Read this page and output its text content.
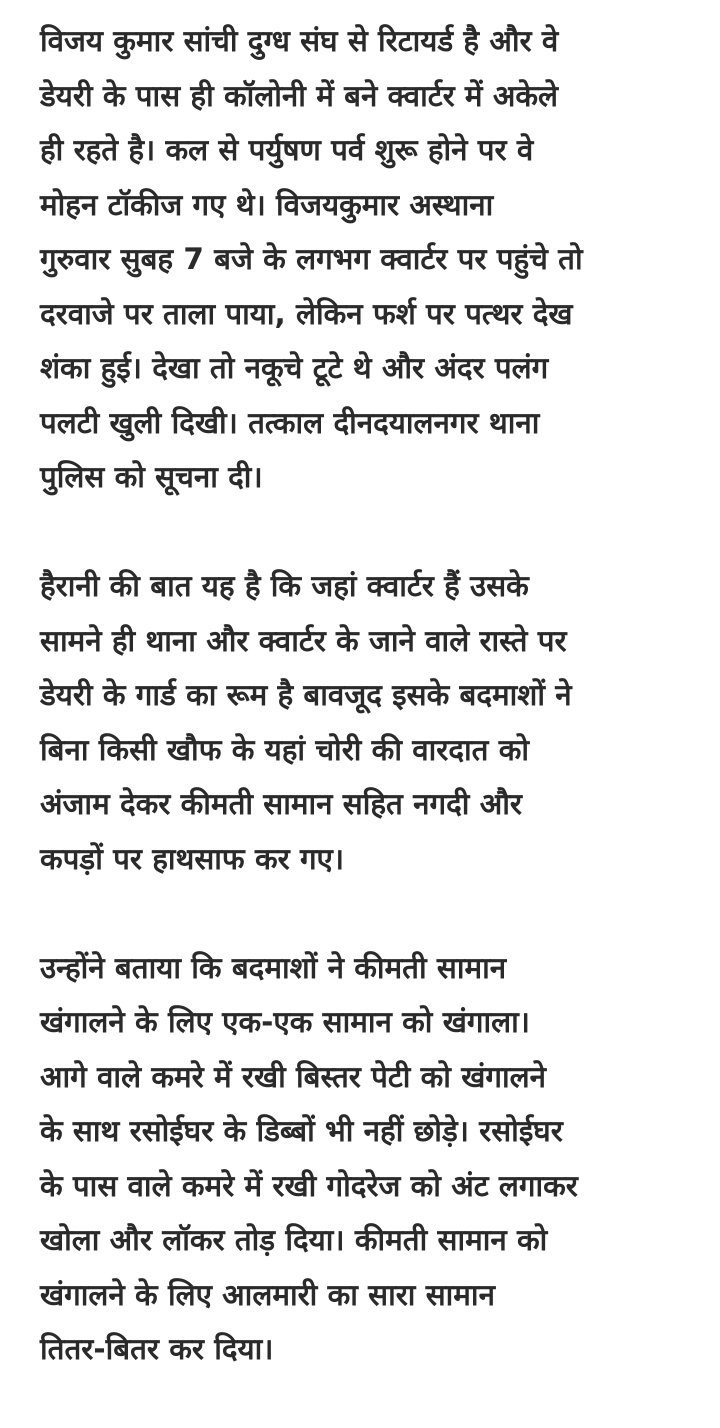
विजय कुमार सांची दुग्ध संघ से रिटायर्ड है और वे
डेयरी के पास ही कॉलोनी में बने क्वार्टर में अकेले
ही रहते है। कल से पर्युषण पर्व शुरू होने पर वे
मोहन टॉकीज गए थे। विजयकुमार अस्थाना
गुरुवार सुबह 7 बजे के लगभग क्वार्टर पर पहुंचे तो
दरवाजे पर ताला पाया, लेकिन फर्श पर पत्थर देख
शंका हुई। देखा तो नकूचे टूटे थे और अंदर पलंग
पलटी खुली दिखी। तत्काल दीनदयालनगर थाना
पुलिस को सूचना दी।
हैरानी की बात यह है कि जहां क्वार्टर हैं उसके
सामने ही थाना और क्वार्टर के जाने वाले रास्ते पर
डेयरी के गार्ड का रूम है बावजूद इसके बदमाशों ने
बिना किसी खौफ के यहां चोरी की वारदात को
अंजाम देकर कीमती सामान सहित नगदी और
कपड़ों पर हाथसाफ कर गए।
उन्होंने बताया कि बदमाशों ने कीमती सामान
खंगालने के लिए एक-एक सामान को खंगाला।
आगे वाले कमरे में रखी बिस्तर पेटी को खंगालने
के साथ रसोईघर के डिब्बों भी नहीं छोड़े। रसोईघर
के पास वाले कमरे में रखी गोदरेज को अंट लगाकर
खोला और लॉकर तोड़ दिया। कीमती सामान को
खंगालने के लिए आलमारी का सारा सामान
तितर-बितर कर दिया।
